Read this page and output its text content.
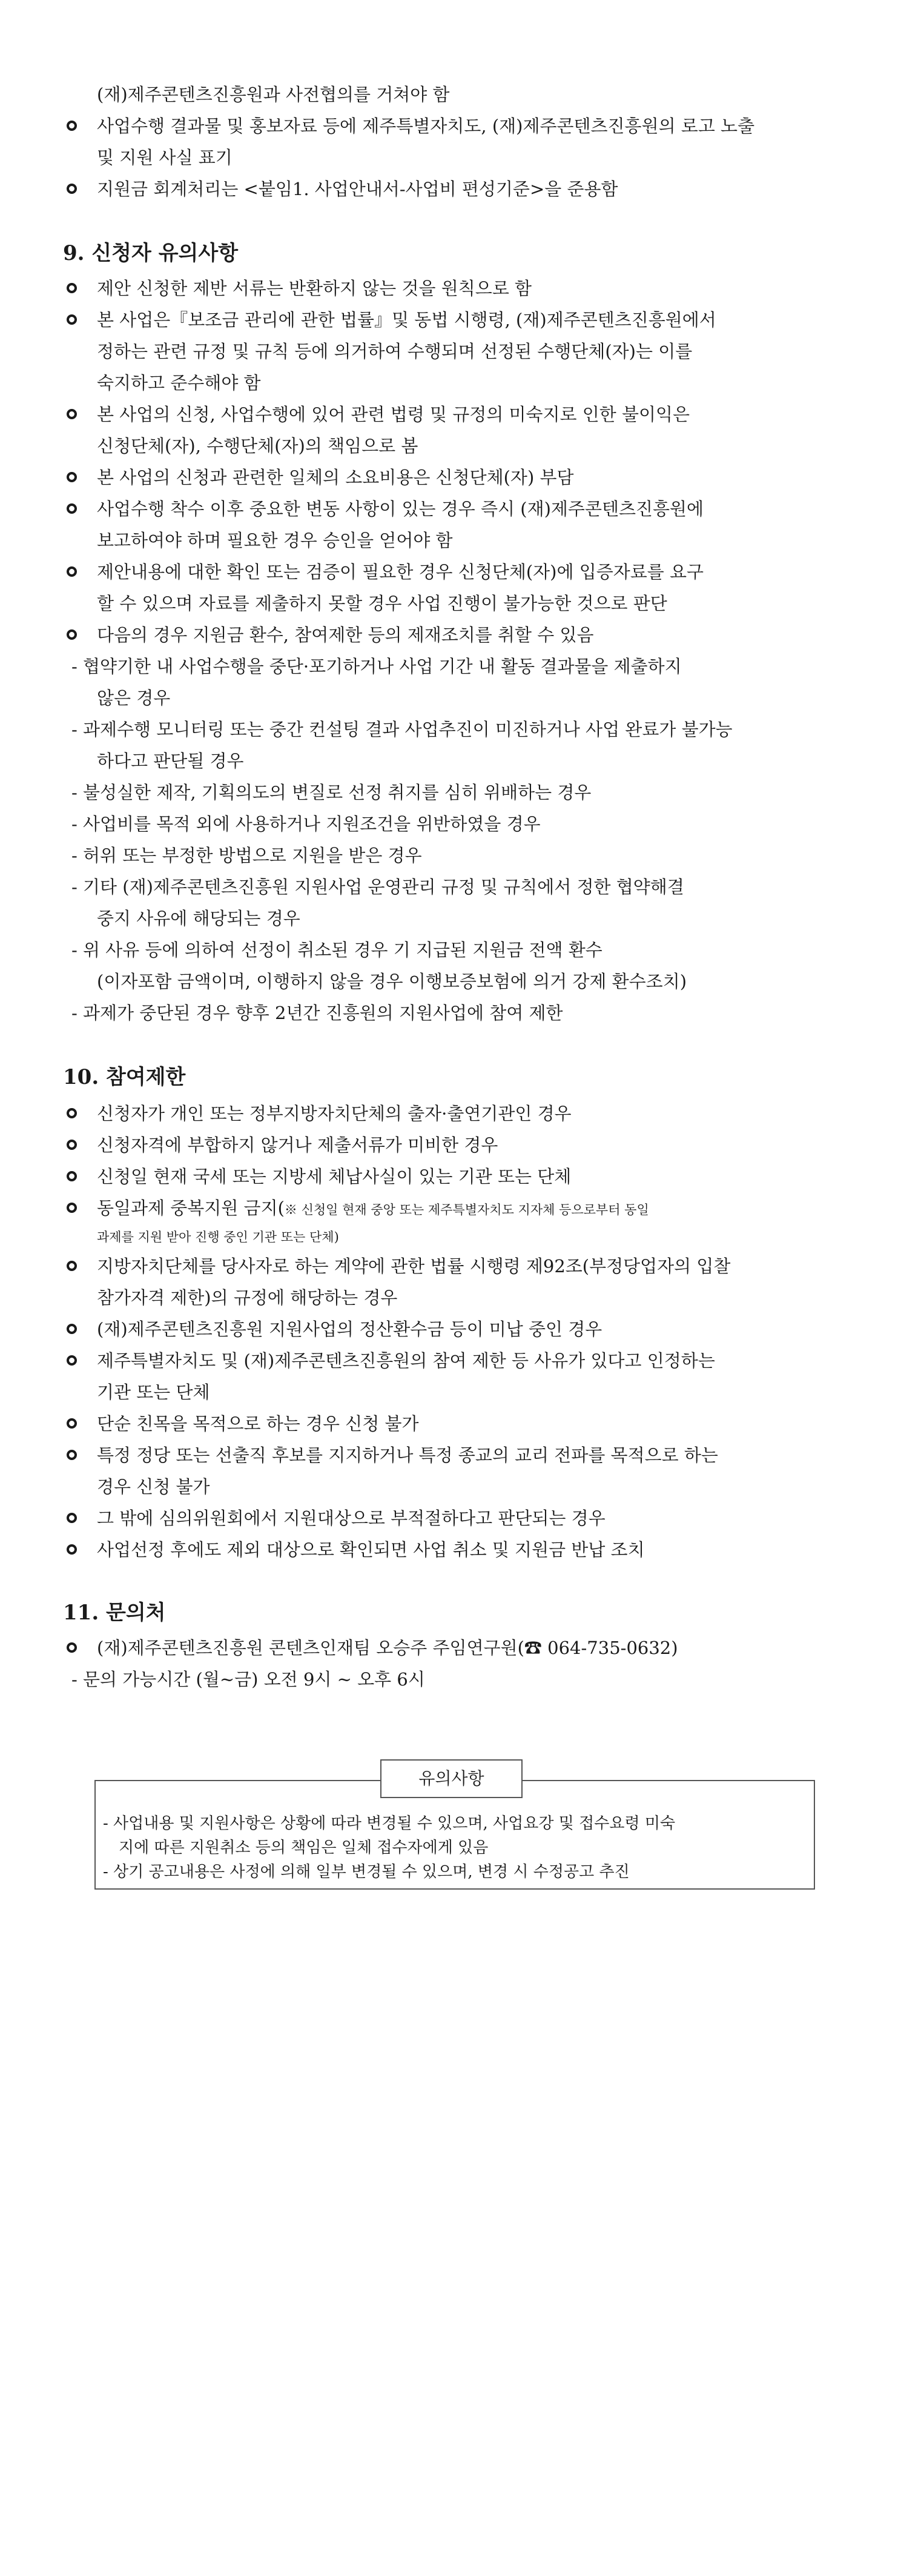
(재)제주콘텐츠진흥원과 사전협의를 거쳐야 함
사업수행 결과물 및 홍보자료 등에 제주특별자치도, (재)제주콘텐츠진흥원의 로고 노출
및 지원 사실 표기
지원금 회계처리는 <붙임1. 사업안내서-사업비 편성기준>을 준용함
9. 신청자 유의사항
제안 신청한 제반 서류는 반환하지 않는 것을 원칙으로 함
본 사업은『보조금 관리에 관한 법률』및 동법 시행령, (재)제주콘텐츠진흥원에서
정하는 관련 규정 및 규칙 등에 의거하여 수행되며 선정된 수행단체(자)는 이를
숙지하고 준수해야 함
본 사업의 신청, 사업수행에 있어 관련 법령 및 규정의 미숙지로 인한 불이익은
신청단체(자), 수행단체(자)의 책임으로 봄
본 사업의 신청과 관련한 일체의 소요비용은 신청단체(자) 부담
사업수행 착수 이후 중요한 변동 사항이 있는 경우 즉시 (재)제주콘텐츠진흥원에
보고하여야 하며 필요한 경우 승인을 얻어야 함
제안내용에 대한 확인 또는 검증이 필요한 경우 신청단체(자)에 입증자료를 요구
할 수 있으며 자료를 제출하지 못할 경우 사업 진행이 불가능한 것으로 판단
다음의 경우 지원금 환수, 참여제한 등의 제재조치를 취할 수 있음
- 협약기한 내 사업수행을 중단·포기하거나 사업 기간 내 활동 결과물을 제출하지
않은 경우
- 과제수행 모니터링 또는 중간 컨설팅 결과 사업추진이 미진하거나 사업 완료가 불가능
하다고 판단될 경우
- 불성실한 제작, 기획의도의 변질로 선정 취지를 심히 위배하는 경우
- 사업비를 목적 외에 사용하거나 지원조건을 위반하였을 경우
- 허위 또는 부정한 방법으로 지원을 받은 경우
- 기타 (재)제주콘텐츠진흥원 지원사업 운영관리 규정 및 규칙에서 정한 협약해결
중지 사유에 해당되는 경우
- 위 사유 등에 의하여 선정이 취소된 경우 기 지급된 지원금 전액 환수
(이자포함 금액이며, 이행하지 않을 경우 이행보증보험에 의거 강제 환수조치)
- 과제가 중단된 경우 향후 2년간 진흥원의 지원사업에 참여 제한
10. 참여제한
신청자가 개인 또는 정부지방자치단체의 출자·출연기관인 경우
신청자격에 부합하지 않거나 제출서류가 미비한 경우
신청일 현재 국세 또는 지방세 체납사실이 있는 기관 또는 단체
동일과제 중복지원 금지(※ 신청일 현재 중앙 또는 제주특별자치도 지자체 등으로부터 동일
과제를 지원 받아 진행 중인 기관 또는 단체)
지방자치단체를 당사자로 하는 계약에 관한 법률 시행령 제92조(부정당업자의 입찰
참가자격 제한)의 규정에 해당하는 경우
(재)제주콘텐츠진흥원 지원사업의 정산환수금 등이 미납 중인 경우
제주특별자치도 및 (재)제주콘텐츠진흥원의 참여 제한 등 사유가 있다고 인정하는
기관 또는 단체
단순 친목을 목적으로 하는 경우 신청 불가
특정 정당 또는 선출직 후보를 지지하거나 특정 종교의 교리 전파를 목적으로 하는
경우 신청 불가
그 밖에 심의위원회에서 지원대상으로 부적절하다고 판단되는 경우
사업선정 후에도 제외 대상으로 확인되면 사업 취소 및 지원금 반납 조치
11. 문의처
(재)제주콘텐츠진흥원 콘텐츠인재팀 오승주 주임연구원(☎ 064-735-0632)
- 문의 가능시간 (월~금) 오전 9시 ~ 오후 6시
유의사항
- 사업내용 및 지원사항은 상황에 따라 변경될 수 있으며, 사업요강 및 접수요령 미숙
지에 따른 지원취소 등의 책임은 일체 접수자에게 있음
- 상기 공고내용은 사정에 의해 일부 변경될 수 있으며, 변경 시 수정공고 추진
